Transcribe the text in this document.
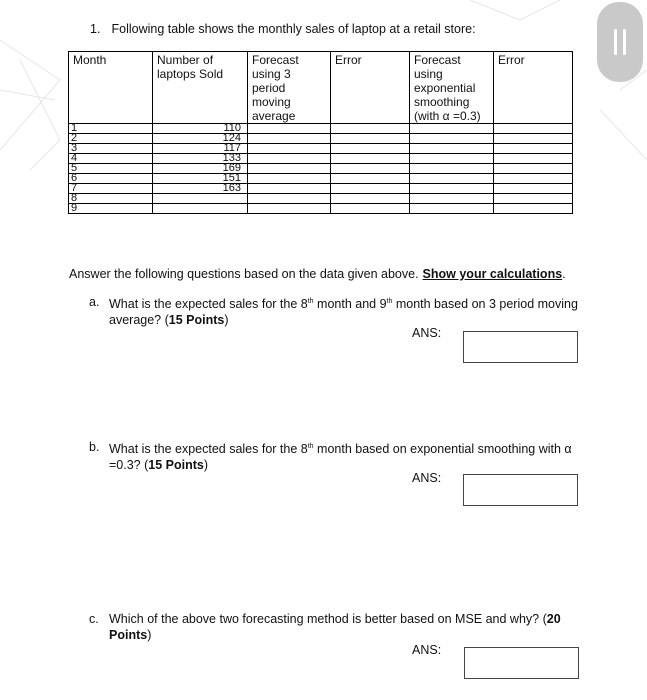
1. Following table shows the monthly sales of laptop at a retail store:
Month	Number of laptops Sold	Forecast using 3 period moving average	Error	Forecast using exponential smoothing (with α =0.3)	Error
1	110				
2	124				
3	117				
4	133				
5	169				
6	151				
7	163				
8					
9					
Answer the following questions based on the data given above. Show your calculations.
a. What is the expected sales for the 8th month and 9th month based on 3 period moving average? (15 Points)
ANS:
b. What is the expected sales for the 8th month based on exponential smoothing with α =0.3? (15 Points)
ANS:
c. Which of the above two forecasting method is better based on MSE and why? (20 Points)
ANS:
